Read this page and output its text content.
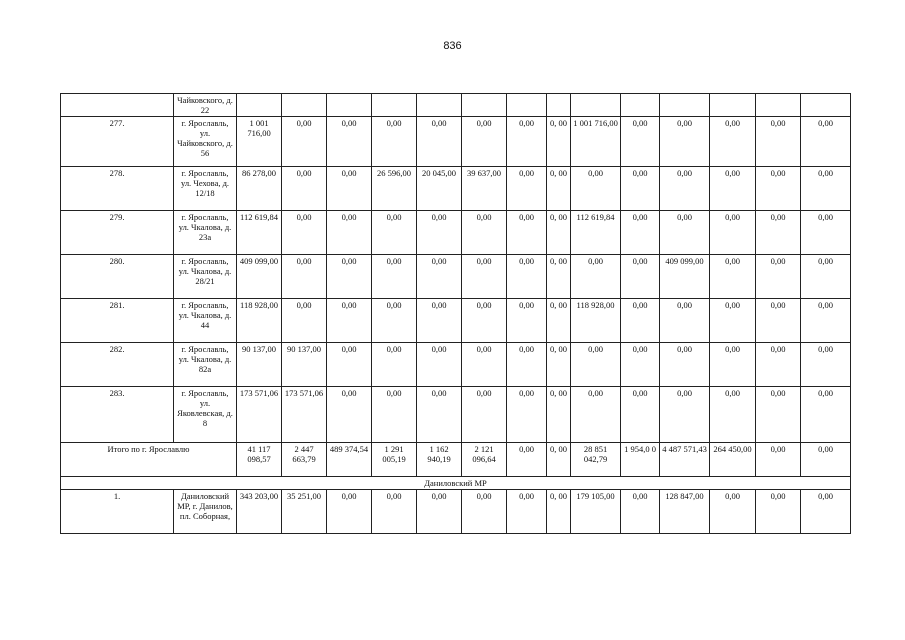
836
	Чайковского, д. 22														
277.	г. Ярославль, ул. Чайковского, д. 56	1 001 716,00	0,00	0,00	0,00	0,00	0,00	0,00	0, 00	1 001 716,00	0,00	0,00	0,00	0,00	0,00
278.	г. Ярославль, ул. Чехова, д. 12/18	86 278,00	0,00	0,00	26 596,00	20 045,00	39 637,00	0,00	0, 00	0,00	0,00	0,00	0,00	0,00	0,00
279.	г. Ярославль, ул. Чкалова, д. 23а	112 619,84	0,00	0,00	0,00	0,00	0,00	0,00	0, 00	112 619,84	0,00	0,00	0,00	0,00	0,00
280.	г. Ярославль, ул. Чкалова, д. 28/21	409 099,00	0,00	0,00	0,00	0,00	0,00	0,00	0, 00	0,00	0,00	409 099,00	0,00	0,00	0,00
281.	г. Ярославль, ул. Чкалова, д. 44	118 928,00	0,00	0,00	0,00	0,00	0,00	0,00	0, 00	118 928,00	0,00	0,00	0,00	0,00	0,00
282.	г. Ярославль, ул. Чкалова, д. 82а	90 137,00	90 137,00	0,00	0,00	0,00	0,00	0,00	0, 00	0,00	0,00	0,00	0,00	0,00	0,00
283.	г. Ярославль, ул. Яковлевская, д. 8	173 571,06	173 571,06	0,00	0,00	0,00	0,00	0,00	0, 00	0,00	0,00	0,00	0,00	0,00	0,00
Итого по г. Ярославлю		41 117 098,57	2 447 663,79	489 374,54	1 291 005,19	1 162 940,19	2 121 096,64	0,00	0, 00	28 851 042,79	1 954,0 0	4 487 571,43	264 450,00	0,00	0,00
Даниловский МР															
1.	Даниловский МР, г. Данилов, пл. Соборная,	343 203,00	35 251,00	0,00	0,00	0,00	0,00	0,00	0, 00	179 105,00	0,00	128 847,00	0,00	0,00	0,00
